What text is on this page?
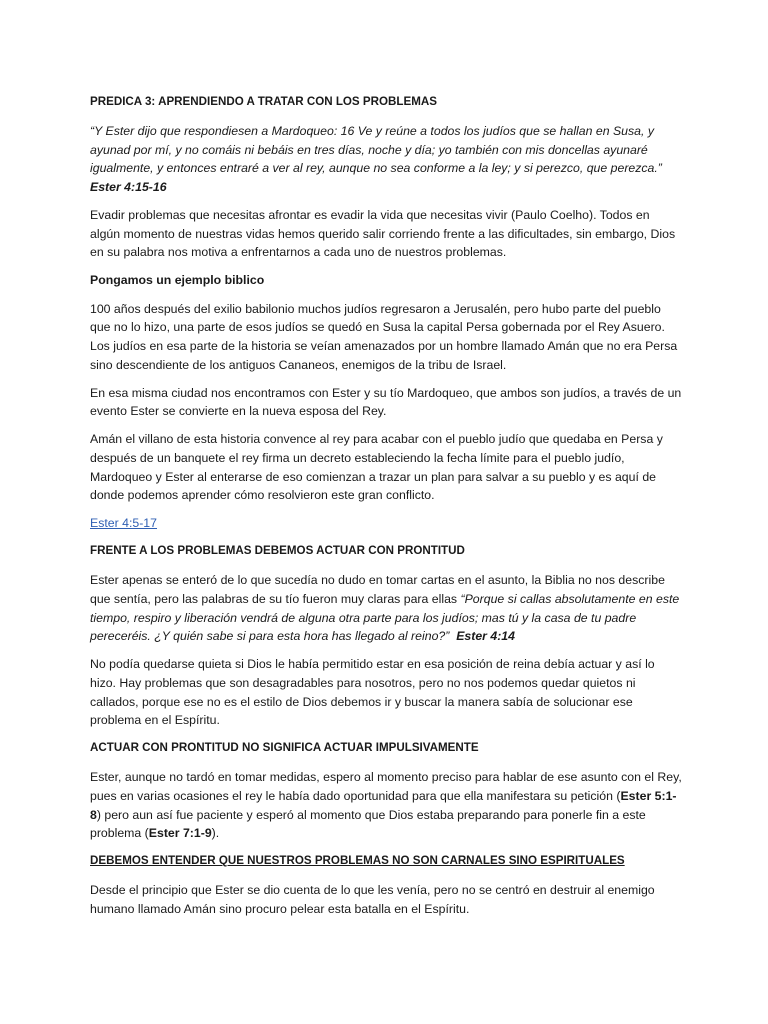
PREDICA 3: APRENDIENDO A TRATAR CON LOS PROBLEMAS

“Y Ester dijo que respondiesen a Mardoqueo: 16 Ve y reúne a todos los judíos que se hallan en Susa, y ayunad por mí, y no comáis ni bebáis en tres días, noche y día; yo también con mis doncellas ayunaré igualmente, y entonces entraré a ver al rey, aunque no sea conforme a la ley; y si perezco, que perezca.”  Ester 4:15-16

Evadir problemas que necesitas afrontar es evadir la vida que necesitas vivir (Paulo Coelho). Todos en algún momento de nuestras vidas hemos querido salir corriendo frente a las dificultades, sin embargo, Dios en su palabra nos motiva a enfrentarnos a cada uno de nuestros problemas.

Pongamos un ejemplo biblico

100 años después del exilio babilonio muchos judíos regresaron a Jerusalén, pero hubo parte del pueblo que no lo hizo, una parte de esos judíos se quedó en Susa la capital Persa gobernada por el Rey Asuero. Los judíos en esa parte de la historia se veían amenazados por un hombre llamado Amán que no era Persa sino descendiente de los antiguos Cananeos, enemigos de la tribu de Israel.

En esa misma ciudad nos encontramos con Ester y su tío Mardoqueo, que ambos son judíos, a través de un evento Ester se convierte en la nueva esposa del Rey.

Amán el villano de esta historia convence al rey para acabar con el pueblo judío que quedaba en Persa y después de un banquete el rey firma un decreto estableciendo la fecha límite para el pueblo judío, Mardoqueo y Ester al enterarse de eso comienzan a trazar un plan para salvar a su pueblo y es aquí de donde podemos aprender cómo resolvieron este gran conflicto.

Ester 4:5-17

FRENTE A LOS PROBLEMAS DEBEMOS ACTUAR CON PRONTITUD

Ester apenas se enteró de lo que sucedía no dudo en tomar cartas en el asunto, la Biblia no nos describe que sentía, pero las palabras de su tío fueron muy claras para ellas “Porque si callas absolutamente en este tiempo, respiro y liberación vendrá de alguna otra parte para los judíos; mas tú y la casa de tu padre pereceréis. ¿Y quién sabe si para esta hora has llegado al reino?” Ester 4:14

No podía quedarse quieta si Dios le había permitido estar en esa posición de reina debía actuar y así lo hizo. Hay problemas que son desagradables para nosotros, pero no nos podemos quedar quietos ni callados, porque ese no es el estilo de Dios debemos ir y buscar la manera sabía de solucionar ese problema en el Espíritu.

ACTUAR CON PRONTITUD NO SIGNIFICA ACTUAR IMPULSIVAMENTE

Ester, aunque no tardó en tomar medidas, espero al momento preciso para hablar de ese asunto con el Rey, pues en varias ocasiones el rey le había dado oportunidad para que ella manifestara su petición (Ester 5:1-8) pero aun así fue paciente y esperó al momento que Dios estaba preparando para ponerle fin a este problema (Ester 7:1-9).

DEBEMOS ENTENDER QUE NUESTROS PROBLEMAS NO SON CARNALES SINO ESPIRITUALES

Desde el principio que Ester se dio cuenta de lo que les venía, pero no se centró en destruir al enemigo humano llamado Amán sino procuro pelear esta batalla en el Espíritu.
